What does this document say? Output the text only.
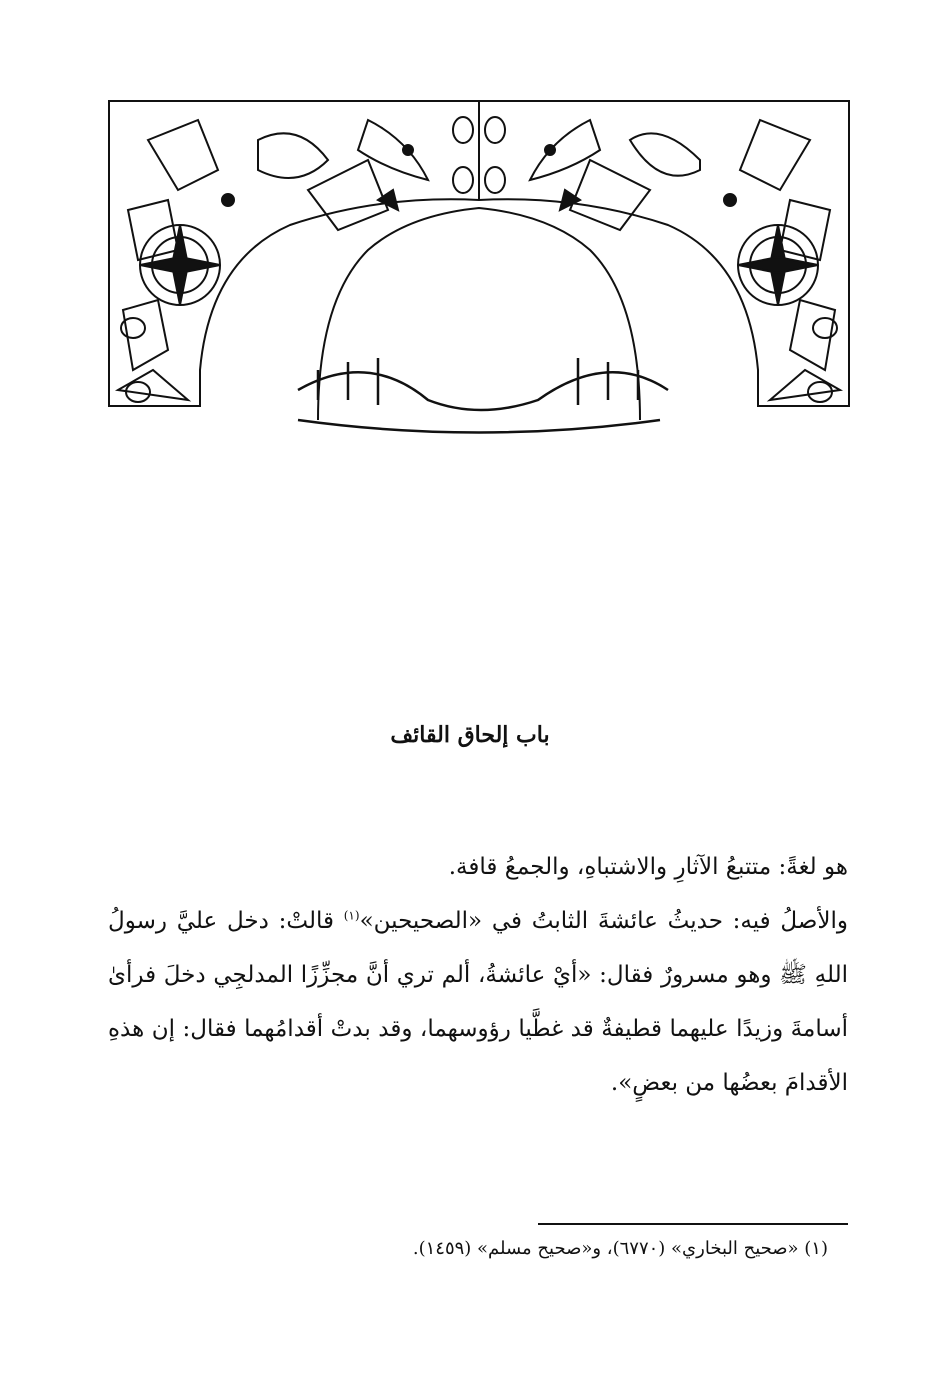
باب إلحاق القائف

هو لغةً: متتبعُ الآثارِ والاشتباهِ، والجمعُ قافة.

والأصلُ فيه: حديثُ عائشةَ الثابتُ في «الصحيحين»$^{(١)}$ قالتْ: دخل عليَّ رسولُ اللهِ ﷺ وهو مسرورٌ فقال: «أيْ عائشةُ، ألم تري أنَّ مجزِّزًا المدلجِي دخلَ فرأىٰ أسامةَ وزيدًا عليهما قطيفةٌ قد غطَّيا رؤوسهما، وقد بدتْ أقدامُهما فقال: إن هذهِ الأقدامَ بعضُها من بعضٍ».

(١) «صحيح البخاري» (٦٧٧٠)، و«صحيح مسلم» (١٤٥٩).
